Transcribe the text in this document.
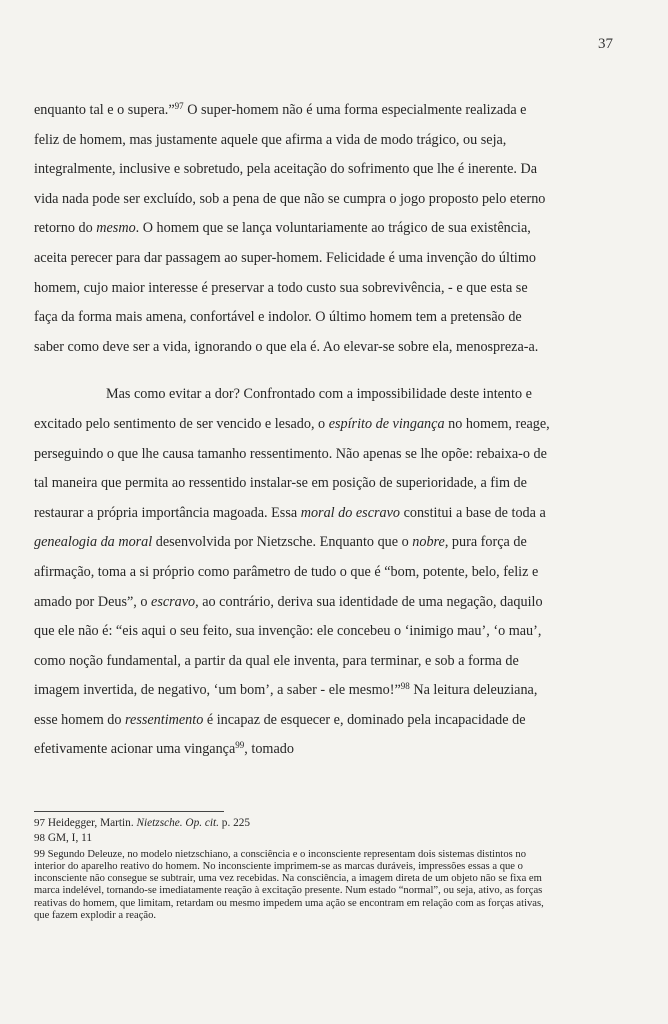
37

enquanto tal e o supera.”$^{97}$ O super-homem não é uma forma especialmente realizada e feliz de homem, mas justamente aquele que afirma a vida de modo trágico, ou seja, integralmente, inclusive e sobretudo, pela aceitação do sofrimento que lhe é inerente. Da vida nada pode ser excluído, sob a pena de que não se cumpra o jogo proposto pelo eterno retorno do mesmo. O homem que se lança voluntariamente ao trágico de sua existência, aceita perecer para dar passagem ao super-homem. Felicidade é uma invenção do último homem, cujo maior interesse é preservar a todo custo sua sobrevivência, - e que esta se faça da forma mais amena, confortável e indolor. O último homem tem a pretensão de saber como deve ser a vida, ignorando o que ela é. Ao elevar-se sobre ela, menospreza-a.

Mas como evitar a dor? Confrontado com a impossibilidade deste intento e excitado pelo sentimento de ser vencido e lesado, o espírito de vingança no homem, reage, perseguindo o que lhe causa tamanho ressentimento. Não apenas se lhe opõe: rebaixa-o de tal maneira que permita ao ressentido instalar-se em posição de superioridade, a fim de restaurar a própria importância magoada. Essa moral do escravo constitui a base de toda a genealogia da moral desenvolvida por Nietzsche. Enquanto que o nobre, pura força de afirmação, toma a si próprio como parâmetro de tudo o que é “bom, potente, belo, feliz e amado por Deus”, o escravo, ao contrário, deriva sua identidade de uma negação, daquilo que ele não é: “eis aqui o seu feito, sua invenção: ele concebeu o ‘inimigo mau’, ‘o mau’, como noção fundamental, a partir da qual ele inventa, para terminar, e sob a forma de imagem invertida, de negativo, ‘um bom’, a saber - ele mesmo!”$^{98}$ Na leitura deleuziana, esse homem do ressentimento é incapaz de esquecer e, dominado pela incapacidade de efetivamente acionar uma vingança$^{99}$, tomado

97 Heidegger, Martin. Nietzsche. Op. cit. p. 225

98 GM, I, 11

99 Segundo Deleuze, no modelo nietzschiano, a consciência e o inconsciente representam dois sistemas distintos no interior do aparelho reativo do homem. No inconsciente imprimem-se as marcas duráveis, impressões essas a que o inconsciente não consegue se subtrair, uma vez recebidas. Na consciência, a imagem direta de um objeto não se fixa em marca indelével, tornando-se imediatamente reação à excitação presente. Num estado “normal”, ou seja, ativo, as forças reativas do homem, que limitam, retardam ou mesmo impedem uma ação se encontram em relação com as forças ativas, que fazem explodir a reação.
